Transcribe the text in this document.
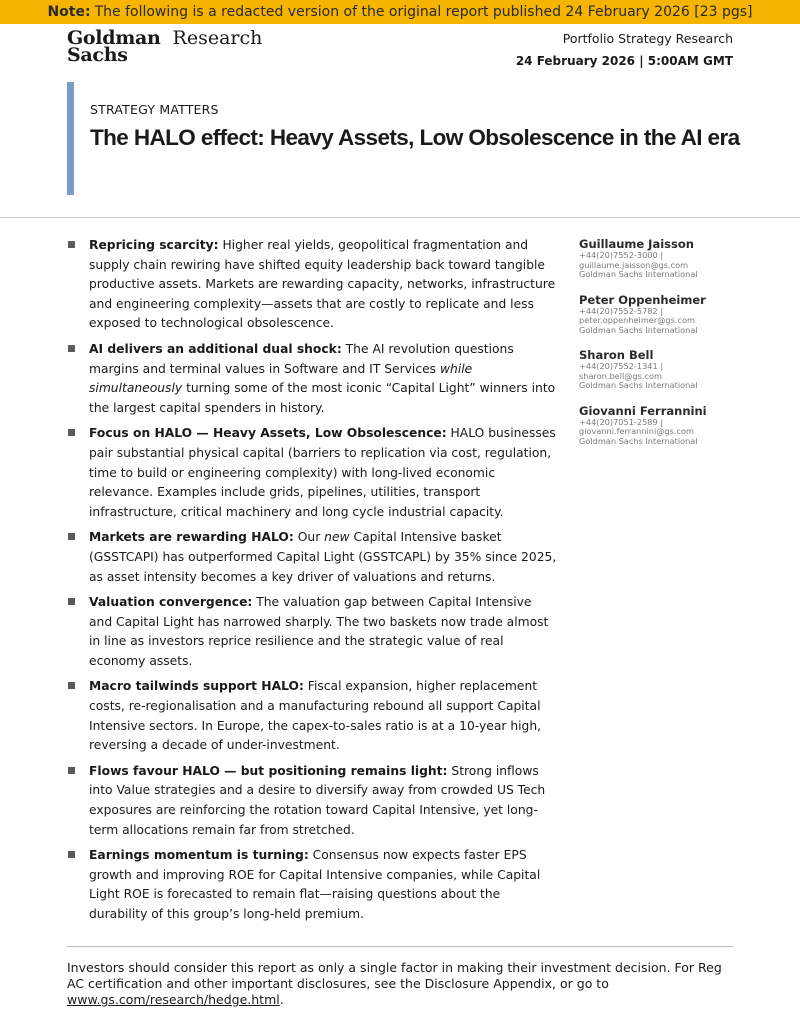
Note: The following is a redacted version of the original report published 24 February 2026 [23 pgs]
Goldman
Sachs
Research	Portfolio Strategy Research
24 February 2026 | 5:00AM GMT
STRATEGY MATTERS
The HALO effect: Heavy Assets, Low Obsolescence in the AI era
Repricing scarcity: Higher real yields, geopolitical fragmentation and supply chain rewiring have shifted equity leadership back toward tangible productive assets. Markets are rewarding capacity, networks, infrastructure and engineering complexity—assets that are costly to replicate and less exposed to technological obsolescence.
AI delivers an additional dual shock: The AI revolution questions margins and terminal values in Software and IT Services while simultaneously turning some of the most iconic “Capital Light” winners into the largest capital spenders in history.
Focus on HALO — Heavy Assets, Low Obsolescence: HALO businesses pair substantial physical capital (barriers to replication via cost, regulation, time to build or engineering complexity) with long-lived economic relevance. Examples include grids, pipelines, utilities, transport infrastructure, critical machinery and long cycle industrial capacity.
Markets are rewarding HALO: Our new Capital Intensive basket (GSSTCAPI) has outperformed Capital Light (GSSTCAPL) by 35% since 2025, as asset intensity becomes a key driver of valuations and returns.
Valuation convergence: The valuation gap between Capital Intensive and Capital Light has narrowed sharply. The two baskets now trade almost in line as investors reprice resilience and the strategic value of real economy assets.
Macro tailwinds support HALO: Fiscal expansion, higher replacement costs, re-regionalisation and a manufacturing rebound all support Capital Intensive sectors. In Europe, the capex-to-sales ratio is at a 10-year high, reversing a decade of under-investment.
Flows favour HALO — but positioning remains light: Strong inflows into Value strategies and a desire to diversify away from crowded US Tech exposures are reinforcing the rotation toward Capital Intensive, yet long-term allocations remain far from stretched.
Earnings momentum is turning: Consensus now expects faster EPS growth and improving ROE for Capital Intensive companies, while Capital Light ROE is forecasted to remain flat—raising questions about the durability of this group’s long-held premium.
Guillaume Jaisson
+44(20)7552-3000 |
guillaume.jaisson@gs.com
Goldman Sachs International
Peter Oppenheimer
+44(20)7552-5782 |
peter.oppenheimer@gs.com
Goldman Sachs International
Sharon Bell
+44(20)7552-1341 |
sharon.bell@gs.com
Goldman Sachs International
Giovanni Ferrannini
+44(20)7051-2589 |
giovanni.ferrannini@gs.com
Goldman Sachs International
Investors should consider this report as only a single factor in making their investment decision. For Reg AC certification and other important disclosures, see the Disclosure Appendix, or go to www.gs.com/research/hedge.html.
